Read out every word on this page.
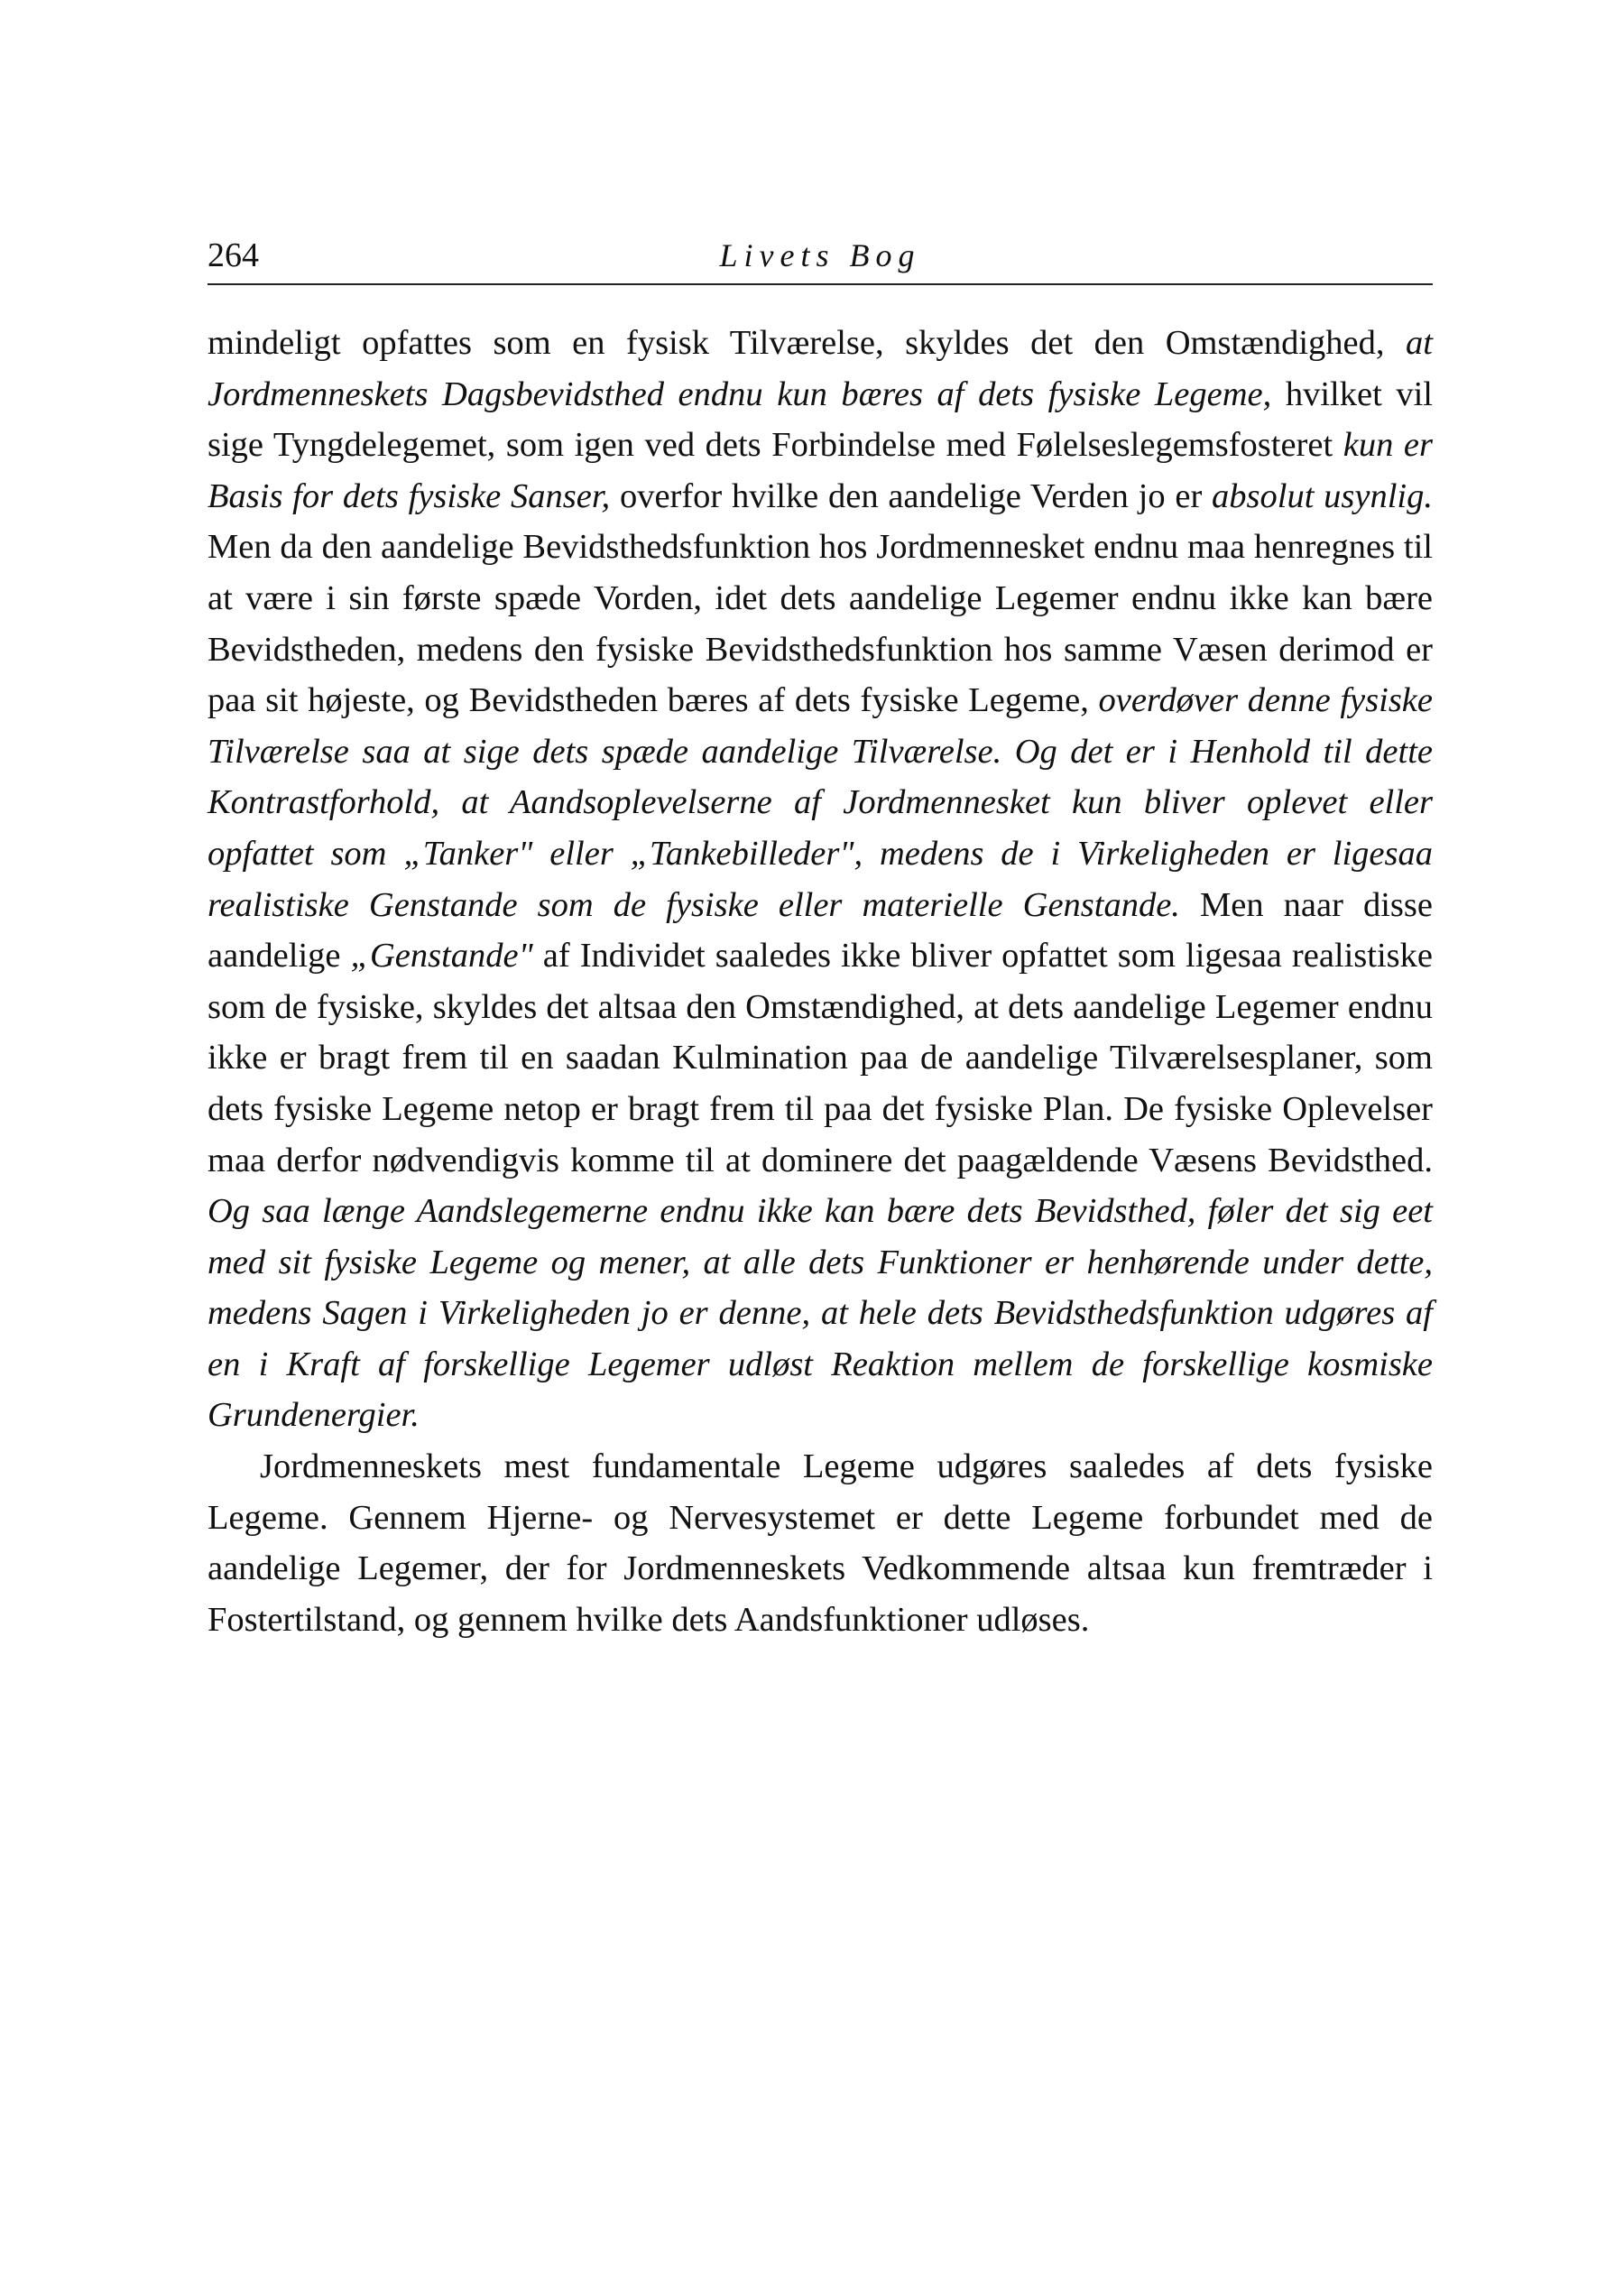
264	Livets Bog

mindeligt opfattes som en fysisk Tilværelse, skyldes det den Omstændighed, at Jordmenneskets Dagsbevidsthed endnu kun bæres af dets fysiske Legeme, hvilket vil sige Tyngdelegemet, som igen ved dets Forbindelse med Følelseslegemsfosteret kun er Basis for dets fysiske Sanser, overfor hvilke den aandelige Verden jo er absolut usynlig. Men da den aandelige Bevidsthedsfunktion hos Jordmennesket endnu maa henregnes til at være i sin første spæde Vorden, idet dets aandelige Legemer endnu ikke kan bære Bevidstheden, medens den fysiske Bevidsthedsfunktion hos samme Væsen derimod er paa sit højeste, og Bevidstheden bæres af dets fysiske Legeme, overdøver denne fysiske Tilværelse saa at sige dets spæde aandelige Tilværelse. Og det er i Henhold til dette Kontrastforhold, at Aandsoplevelserne af Jordmennesket kun bliver oplevet eller opfattet som „Tanker" eller „Tankebilleder", medens de i Virkeligheden er ligesaa realistiske Genstande som de fysiske eller materielle Genstande. Men naar disse aandelige „Genstande" af Individet saaledes ikke bliver opfattet som ligesaa realistiske som de fysiske, skyldes det altsaa den Omstændighed, at dets aandelige Legemer endnu ikke er bragt frem til en saadan Kulmination paa de aandelige Tilværelsesplaner, som dets fysiske Legeme netop er bragt frem til paa det fysiske Plan. De fysiske Oplevelser maa derfor nødvendigvis komme til at dominere det paagældende Væsens Bevidsthed. Og saa længe Aandslegemerne endnu ikke kan bære dets Bevidsthed, føler det sig eet med sit fysiske Legeme og mener, at alle dets Funktioner er henhørende under dette, medens Sagen i Virkeligheden jo er denne, at hele dets Bevidsthedsfunktion udgøres af en i Kraft af forskellige Legemer udløst Reaktion mellem de forskellige kosmiske Grundenergier.

Jordmenneskets mest fundamentale Legeme udgøres saaledes af dets fysiske Legeme. Gennem Hjerne- og Nervesystemet er dette Legeme forbundet med de aandelige Legemer, der for Jordmenneskets Vedkommende altsaa kun fremtræder i Fostertilstand, og gennem hvilke dets Aandsfunktioner udløses.
